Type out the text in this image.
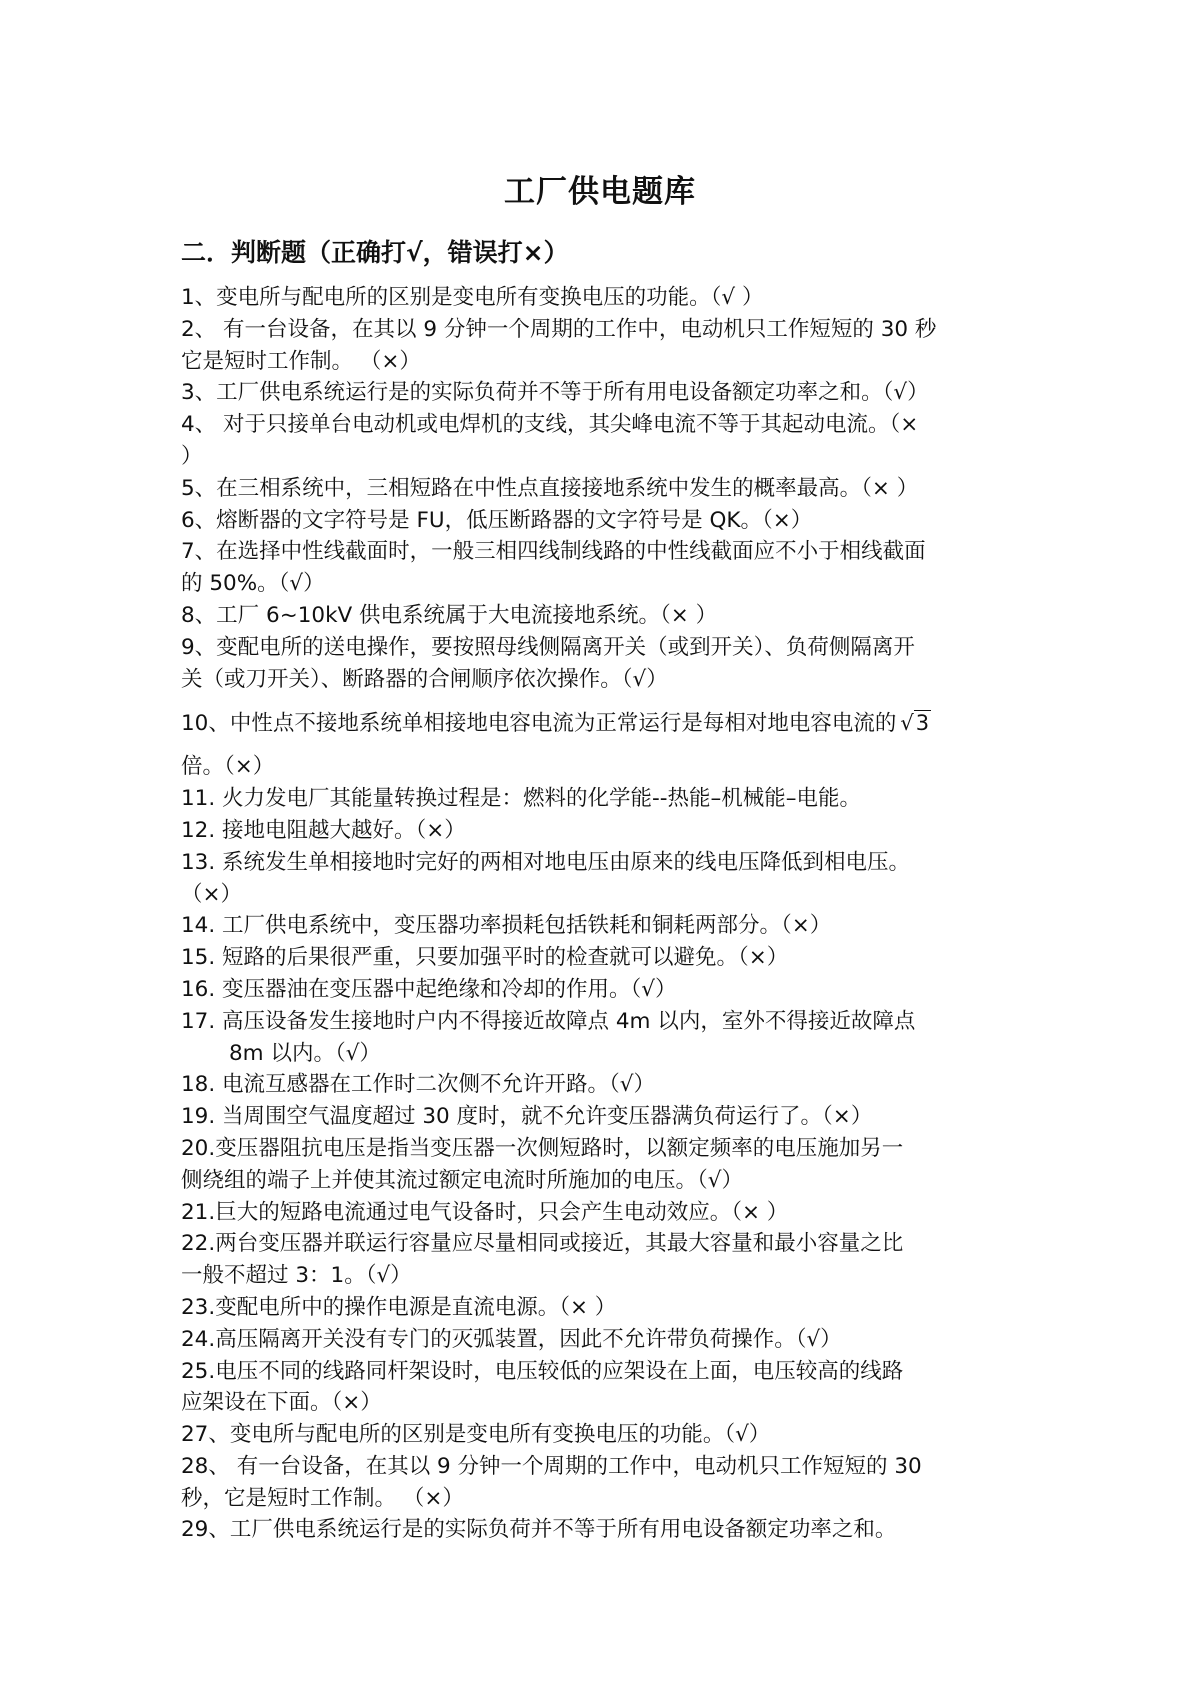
工厂供电题库
二．判断题（正确打√，错误打×）
1、变电所与配电所的区别是变电所有变换电压的功能。（√ ）
2、 有一台设备，在其以 9 分钟一个周期的工作中，电动机只工作短短的 30 秒
它是短时工作制。 （×）
3、工厂供电系统运行是的实际负荷并不等于所有用电设备额定功率之和。（√）
4、 对于只接单台电动机或电焊机的支线，其尖峰电流不等于其起动电流。（×
）
5、在三相系统中，三相短路在中性点直接接地系统中发生的概率最高。（× ）
6、熔断器的文字符号是 FU，低压断路器的文字符号是 QK。（×）
7、在选择中性线截面时，一般三相四线制线路的中性线截面应不小于相线截面
的 50%。（√）
8、工厂 6~10kV 供电系统属于大电流接地系统。（× ）
9、变配电所的送电操作，要按照母线侧隔离开关（或到开关）、负荷侧隔离开
关（或刀开关）、断路器的合闸顺序依次操作。（√）
10、中性点不接地系统单相接地电容电流为正常运行是每相对地电容电流的 √3
倍。（×）
11. 火力发电厂其能量转换过程是：燃料的化学能--热能–机械能–电能。
12. 接地电阻越大越好。（×）
13. 系统发生单相接地时完好的两相对地电压由原来的线电压降低到相电压。
（×）
14. 工厂供电系统中，变压器功率损耗包括铁耗和铜耗两部分。（×）
15. 短路的后果很严重，只要加强平时的检查就可以避免。（×）
16. 变压器油在变压器中起绝缘和冷却的作用。（√）
17. 高压设备发生接地时户内不得接近故障点 4m 以内，室外不得接近故障点
8m 以内。（√）
18. 电流互感器在工作时二次侧不允许开路。（√）
19. 当周围空气温度超过 30 度时，就不允许变压器满负荷运行了。（×）
20.变压器阻抗电压是指当变压器一次侧短路时，以额定频率的电压施加另一
侧绕组的端子上并使其流过额定电流时所施加的电压。（√）
21.巨大的短路电流通过电气设备时，只会产生电动效应。（× ）
22.两台变压器并联运行容量应尽量相同或接近，其最大容量和最小容量之比
一般不超过 3：1。（√）
23.变配电所中的操作电源是直流电源。（× ）
24.高压隔离开关没有专门的灭弧装置，因此不允许带负荷操作。（√）
25.电压不同的线路同杆架设时，电压较低的应架设在上面，电压较高的线路
应架设在下面。（×）
27、变电所与配电所的区别是变电所有变换电压的功能。（√）
28、 有一台设备，在其以 9 分钟一个周期的工作中，电动机只工作短短的 30
秒，它是短时工作制。 （×）
29、工厂供电系统运行是的实际负荷并不等于所有用电设备额定功率之和。
